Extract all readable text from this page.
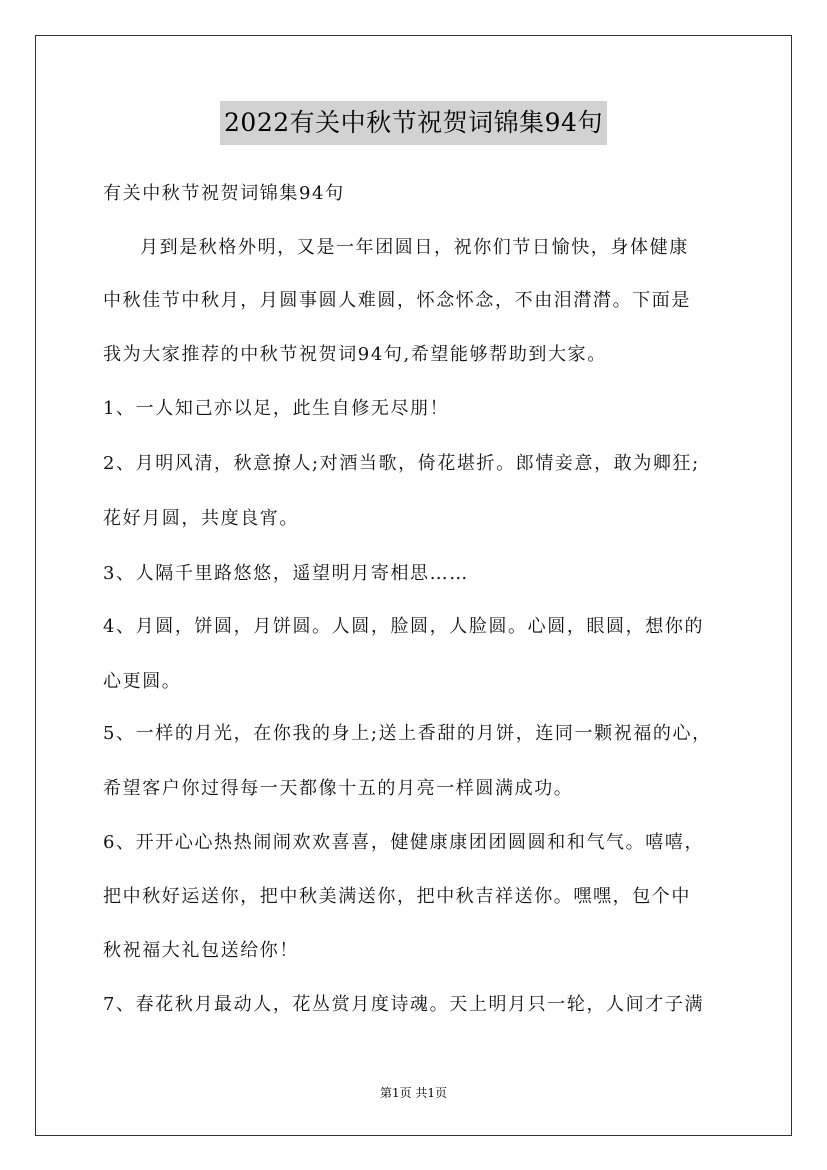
2022有关中秋节祝贺词锦集94句
有关中秋节祝贺词锦集94句
月到是秋格外明，又是一年团圆日，祝你们节日愉快，身体健康
中秋佳节中秋月，月圆事圆人难圆，怀念怀念，不由泪潸潸。下面是
我为大家推荐的中秋节祝贺词94句,希望能够帮助到大家。
1、一人知己亦以足，此生自修无尽朋！
2、月明风清，秋意撩人;对酒当歌，倚花堪折。郎情妾意，敢为卿狂;
花好月圆，共度良宵。
3、人隔千里路悠悠，遥望明月寄相思……
4、月圆，饼圆，月饼圆。人圆，脸圆，人脸圆。心圆，眼圆，想你的
心更圆。
5、一样的月光，在你我的身上;送上香甜的月饼，连同一颗祝福的心，
希望客户你过得每一天都像十五的月亮一样圆满成功。
6、开开心心热热闹闹欢欢喜喜，健健康康团团圆圆和和气气。嘻嘻，
把中秋好运送你，把中秋美满送你，把中秋吉祥送你。嘿嘿，包个中
秋祝福大礼包送给你！
7、春花秋月最动人，花丛赏月度诗魂。天上明月只一轮，人间才子满
第1页 共1页
